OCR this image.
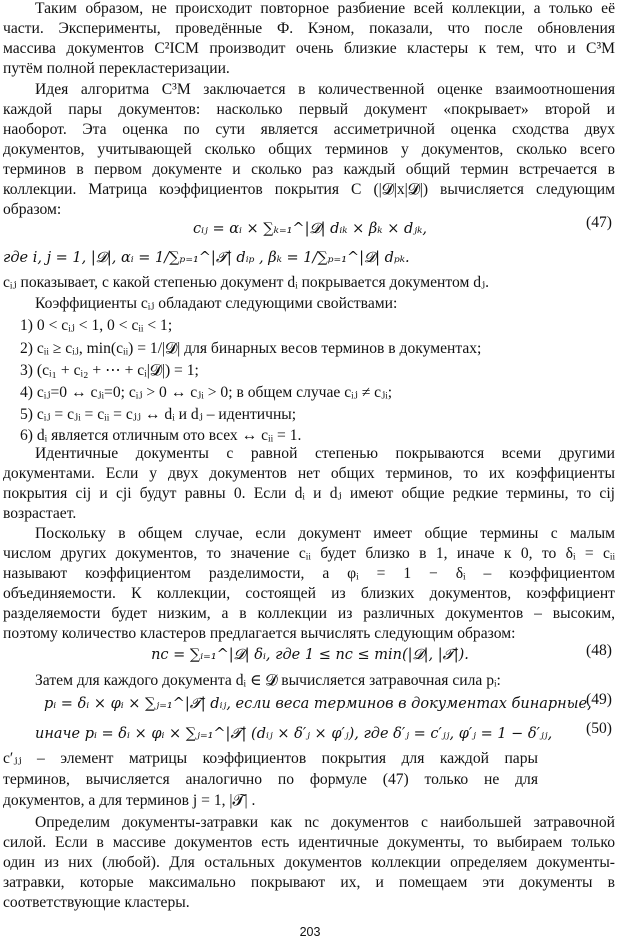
Таким образом, не происходит повторное разбиение всей коллекции, а только её
части. Эксперименты, проведённые Ф. Кэном, показали, что после обновления
массива документов C²ICM производит очень близкие кластеры к тем, что и C³M
путём полной перекластеризации.
Идея алгоритма C³M заключается в количественной оценке взаимоотношения
каждой пары документов: насколько первый документ «покрывает» второй и
наоборот. Эта оценка по сути является ассиметричной оценка сходства двух
документов, учитывающей сколько общих терминов у документов, сколько всего
терминов в первом документе и сколько раз каждый общий термин встречается в
коллекции. Матрица коэффициентов покрытия C (|𝓓|x|𝓓|) вычисляется следующим
образом:
cᵢⱼ = αᵢ × ∑ₖ₌₁^|𝓓| dᵢₖ × βₖ × dⱼₖ,	(47)
где i, j = 1, |𝓓|, αᵢ = 1/∑ₚ₌₁^|𝓣| dᵢₚ , βₖ = 1/∑ₚ₌₁^|𝓓| dₚₖ.
cᵢⱼ показывает, с какой степенью документ dᵢ покрывается документом dⱼ.
Коэффициенты cᵢⱼ обладают следующими свойствами:
1) 0 < cᵢⱼ < 1, 0 < cᵢᵢ < 1;
2) cᵢᵢ ≥ cᵢⱼ, min(cᵢᵢ) = 1/|𝓓| для бинарных весов терминов в документах;
3) (cᵢ₁ + cᵢ₂ + ⋯ + cᵢ|𝓓|) = 1;
4) cᵢⱼ=0 ↔ cⱼᵢ=0; cᵢⱼ > 0 ↔ cⱼᵢ > 0; в общем случае cᵢⱼ ≠ cⱼᵢ;
5) cᵢⱼ = cⱼᵢ = cᵢᵢ = cⱼⱼ ↔ dᵢ и dⱼ – идентичны;
6) dᵢ является отличным ото всех ↔ cᵢᵢ = 1.
Идентичные документы с равной степенью покрываются всеми другими
документами. Если у двух документов нет общих терминов, то их коэффициенты
покрытия cij и cji будут равны 0. Если dᵢ и dⱼ имеют общие редкие термины, то cij
возрастает.
Поскольку в общем случае, если документ имеет общие термины с малым
числом других документов, то значение cᵢᵢ будет близко в 1, иначе к 0, то δᵢ = cᵢᵢ
называют коэффициентом разделимости, а φᵢ = 1 − δᵢ – коэффициентом
объединяемости. К коллекции, состоящей из близких документов, коэффициент
разделяемости будет низким, а в коллекции из различных документов – высоким,
поэтому количество кластеров предлагается вычислять следующим образом:
nc = ∑ᵢ₌₁^|𝓓| δᵢ, где 1 ≤ nc ≤ min(|𝓓|, |𝓣|).	(48)
Затем для каждого документа dᵢ ∈ 𝓓 вычисляется затравочная сила pᵢ:
pᵢ = δᵢ × φᵢ × ∑ⱼ₌₁^|𝓣| dᵢⱼ, если веса терминов в документах бинарные,
(49)
иначе pᵢ = δᵢ × φᵢ × ∑ⱼ₌₁^|𝓣| (dᵢⱼ × δ′ⱼ × φ′ⱼ), где δ′ⱼ = c′ⱼⱼ, φ′ⱼ = 1 − δ′ⱼⱼ,	(50)
c′ⱼⱼ – элемент матрицы коэффициентов покрытия для каждой пары
терминов, вычисляется аналогично по формуле (47) только не для
документов, а для терминов j = 1, |𝓣| .
Определим документы-затравки как nc документов с наибольшей затравочной
силой. Если в массиве документов есть идентичные документы, то выбираем только
один из них (любой). Для остальных документов коллекции определяем документы-
затравки, которые максимально покрывают их, и помещаем эти документы в
соответствующие кластеры.
203
